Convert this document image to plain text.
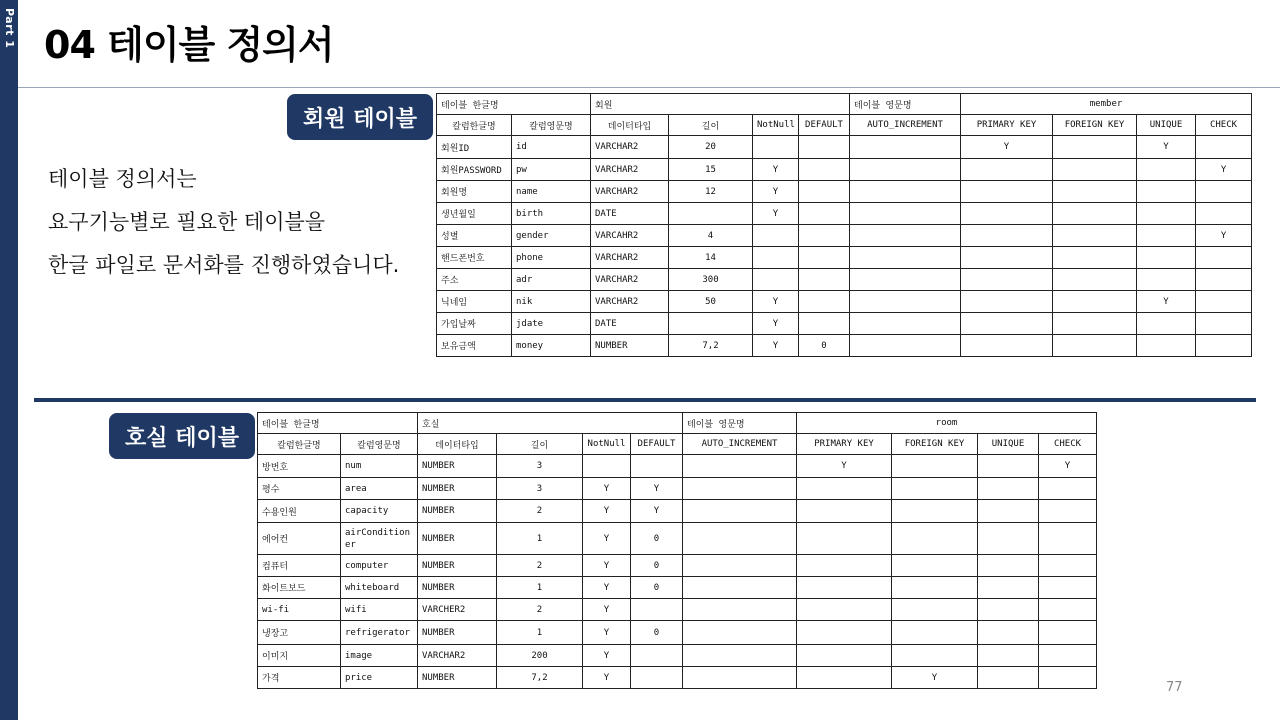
Part 1 04 테이블 정의서
회원 테이블
테이블 정의서는
요구기능별로 필요한 테이블을
한글 파일로 문서화를 진행하였습니다.
테이블 한글명		회원				테이블 영문명	member			
칼럼한글명	칼럼영문명	데이터타입	길이	NotNull	DEFAULT	AUTO_INCREMENT	PRIMARY KEY	FOREIGN KEY	UNIQUE	CHECK
회원ID	id	VARCHAR2	20				Y		Y	
회원PASSWORD	pw	VARCHAR2	15	Y						Y
회원명	name	VARCHAR2	12	Y						
생년월일	birth	DATE		Y						
성별	gender	VARCAHR2	4							Y
핸드폰번호	phone	VARCHAR2	14							
주소	adr	VARCHAR2	300							
닉네임	nik	VARCHAR2	50	Y					Y	
가입날짜	jdate	DATE		Y						
보유금액	money	NUMBER	7,2	Y	0					
호실 테이블
테이블 한글명		호실				테이블 영문명	room			
칼럼한글명	칼럼영문명	데이터타입	길이	NotNull	DEFAULT	AUTO_INCREMENT	PRIMARY KEY	FOREIGN KEY	UNIQUE	CHECK
방번호	num	NUMBER	3				Y			Y
평수	area	NUMBER	3	Y	Y					
수용인원	capacity	NUMBER	2	Y	Y					
에어컨	airConditioner	NUMBER	1	Y	0					
컴퓨터	computer	NUMBER	2	Y	0					
화이트보드	whiteboard	NUMBER	1	Y	0					
wi-fi	wifi	VARCHER2	2	Y						
냉장고	refrigerator	NUMBER	1	Y	0					
이미지	image	VARCHAR2	200	Y						
가격	price	NUMBER	7,2	Y				Y		
77
